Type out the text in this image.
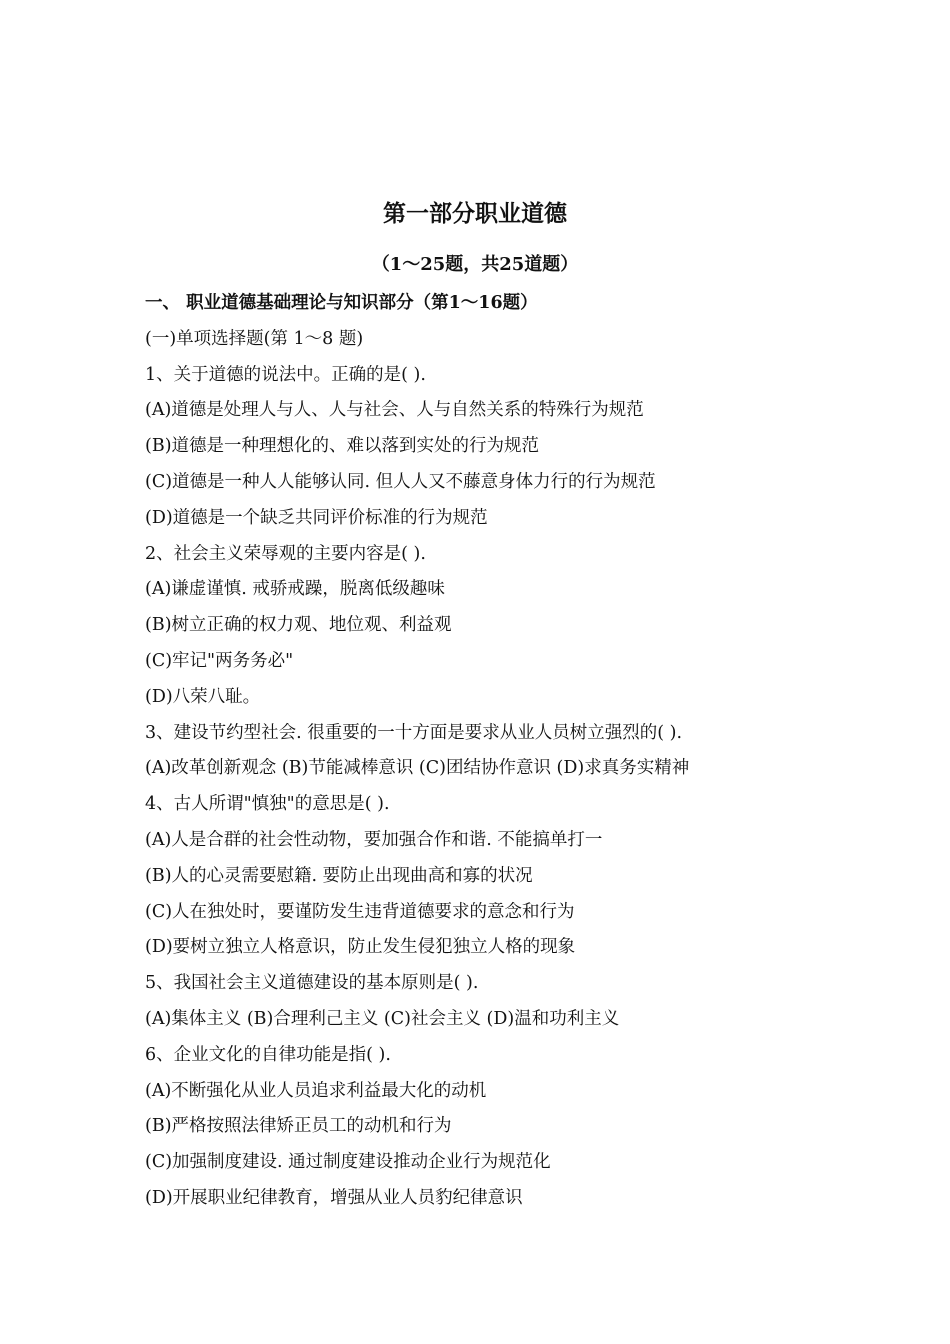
第一部分职业道德
（1～25题，共25道题）
一、 职业道德基础理论与知识部分（第1～16题）
(一)单项选择题(第 1～8 题)
1、关于道德的说法中。正确的是( ).
(A)道德是处理人与人、人与社会、人与自然关系的特殊行为规范
(B)道德是一种理想化的、难以落到实处的行为规范
(C)道德是一种人人能够认同. 但人人又不藤意身体力行的行为规范
(D)道德是一个缺乏共同评价标准的行为规范
2、社会主义荣辱观的主要内容是( ).
(A)谦虚谨慎. 戒骄戒躁，脱离低级趣味
(B)树立正确的权力观、地位观、利益观
(C)牢记"两务务必"
(D)八荣八耻。
3、建设节约型社会. 很重要的一十方面是要求从业人员树立强烈的( ).
(A)改革创新观念 (B)节能减棒意识 (C)团结协作意识 (D)求真务实精神
4、古人所谓"慎独"的意思是( ).
(A)人是合群的社会性动物，要加强合作和谐. 不能搞单打一
(B)人的心灵需要慰籍. 要防止出现曲高和寡的状况
(C)人在独处时，要谨防发生违背道德要求的意念和行为
(D)要树立独立人格意识，防止发生侵犯独立人格的现象
5、我国社会主义道德建设的基本原则是( ).
(A)集体主义 (B)合理利己主义 (C)社会主义 (D)温和功利主义
6、企业文化的自律功能是指( ).
(A)不断强化从业人员追求利益最大化的动机
(B)严格按照法律矫正员工的动机和行为
(C)加强制度建设. 通过制度建设推动企业行为规范化
(D)开展职业纪律教育，增强从业人员豹纪律意识
